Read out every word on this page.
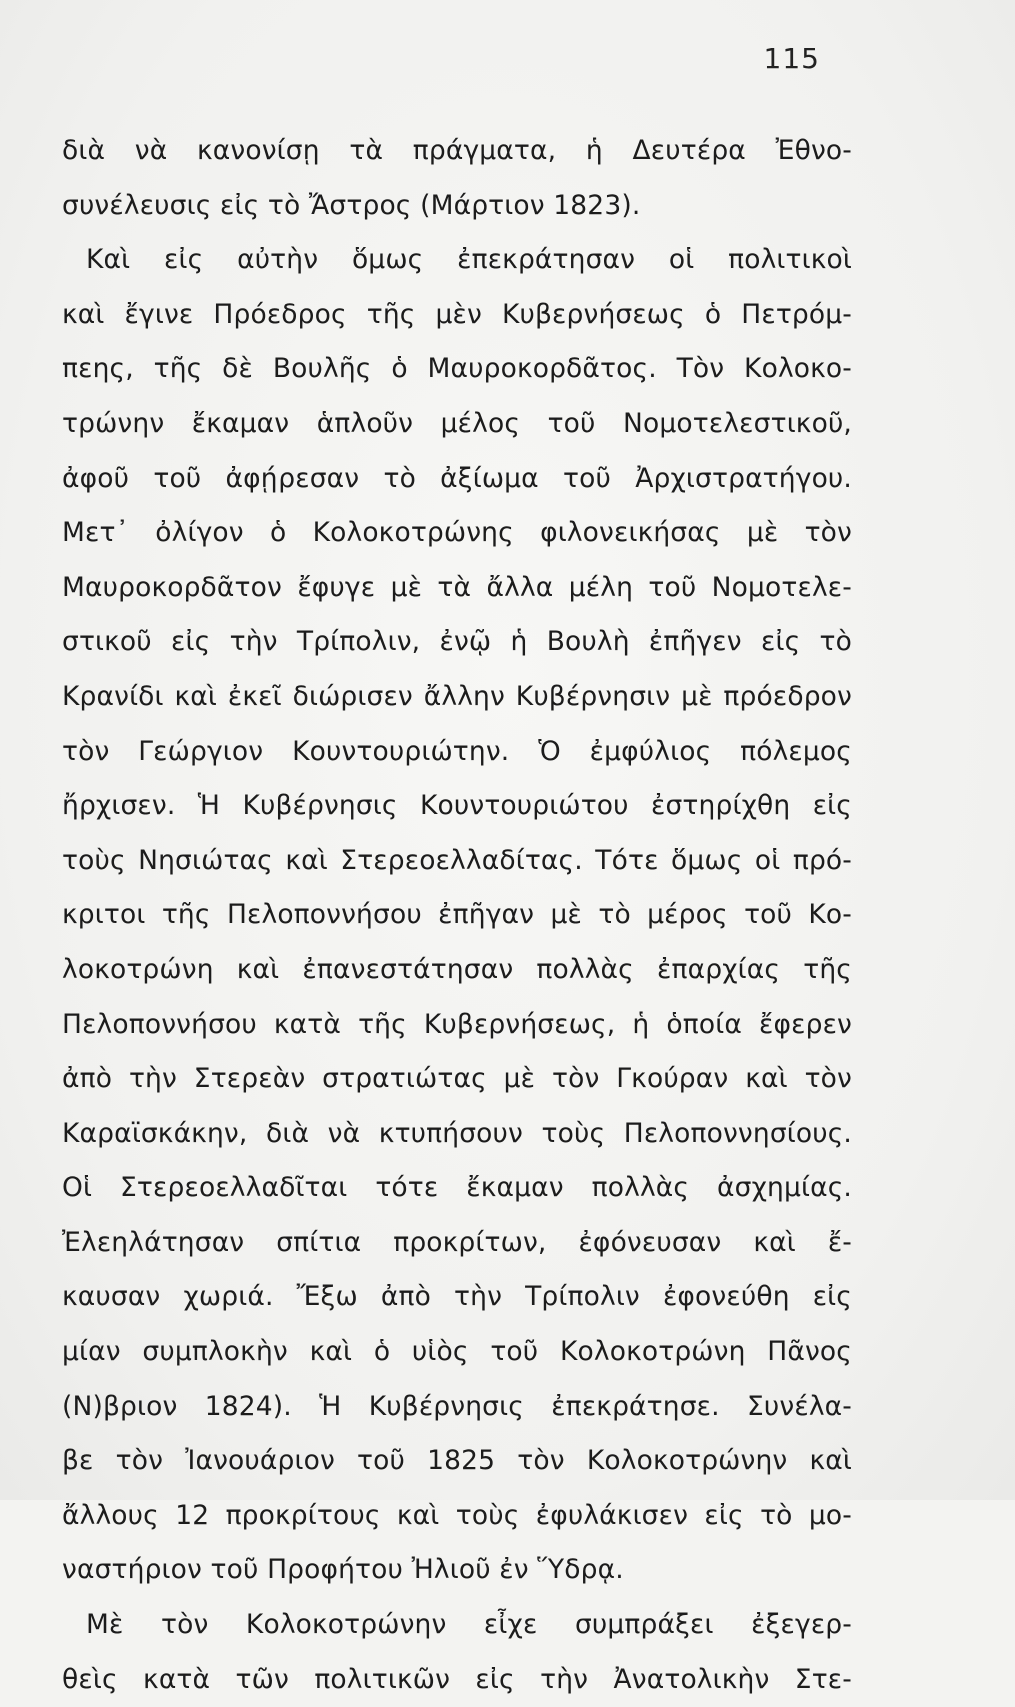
115
διὰ νὰ κανονίσῃ τὰ πράγματα, ἡ Δευτέρα Ἐθνο-
συνέλευσις εἰς τὸ Ἄστρος (Μάρτιον 1823).
Καὶ εἰς αὐτὴν ὅμως ἐπεκράτησαν οἱ πολιτικοὶ
καὶ ἔγινε Πρόεδρος τῆς μὲν Κυβερνήσεως ὁ Πετρόμ-
πεης, τῆς δὲ Βουλῆς ὁ Μαυροκορδᾶτος. Τὸν Κολοκο-
τρώνην ἔκαμαν ἁπλοῦν μέλος τοῦ Νομοτελεστικοῦ,
ἀφοῦ τοῦ ἀφῄρεσαν τὸ ἀξίωμα τοῦ Ἀρχιστρατήγου.
Μετ᾿ ὀλίγον ὁ Κολοκοτρώνης φιλονεικήσας μὲ τὸν
Μαυροκορδᾶτον ἔφυγε μὲ τὰ ἄλλα μέλη τοῦ Νομοτελε-
στικοῦ εἰς τὴν Τρίπολιν, ἐνῷ ἡ Βουλὴ ἐπῆγεν εἰς τὸ
Κρανίδι καὶ ἐκεῖ διώρισεν ἄλλην Κυβέρνησιν μὲ πρόεδρον
τὸν Γεώργιον Κουντουριώτην. Ὁ ἐμφύλιος πόλεμος
ἤρχισεν. Ἡ Κυβέρνησις Κουντουριώτου ἐστηρίχθη εἰς
τοὺς Νησιώτας καὶ Στερεοελλαδίτας. Τότε ὅμως οἱ πρό-
κριτοι τῆς Πελοποννήσου ἐπῆγαν μὲ τὸ μέρος τοῦ Κο-
λοκοτρώνη καὶ ἐπανεστάτησαν πολλὰς ἐπαρχίας τῆς
Πελοποννήσου κατὰ τῆς Κυβερνήσεως, ἡ ὁποία ἔφερεν
ἀπὸ τὴν Στερεὰν στρατιώτας μὲ τὸν Γκούραν καὶ τὸν
Καραϊσκάκην, διὰ νὰ κτυπήσουν τοὺς Πελοποννησίους.
Οἱ Στερεοελλαδῖται τότε ἔκαμαν πολλὰς ἀσχημίας.
Ἐλεηλάτησαν σπίτια προκρίτων, ἐφόνευσαν καὶ ἔ-
καυσαν χωριά. Ἔξω ἀπὸ τὴν Τρίπολιν ἐφονεύθη εἰς
μίαν συμπλοκὴν καὶ ὁ υἱὸς τοῦ Κολοκοτρώνη Πᾶνος
(Ν)βριον 1824). Ἡ Κυβέρνησις ἐπεκράτησε. Συνέλα-
βε τὸν Ἰανουάριον τοῦ 1825 τὸν Κολοκοτρώνην καὶ
ἄλλους 12 προκρίτους καὶ τοὺς ἐφυλάκισεν εἰς τὸ μο-
ναστήριον τοῦ Προφήτου Ἠλιοῦ ἐν Ὕδρᾳ.
Μὲ τὸν Κολοκοτρώνην εἶχε συμπράξει ἐξεγερ-
θεὶς κατὰ τῶν πολιτικῶν εἰς τὴν Ἀνατολικὴν Στε-
